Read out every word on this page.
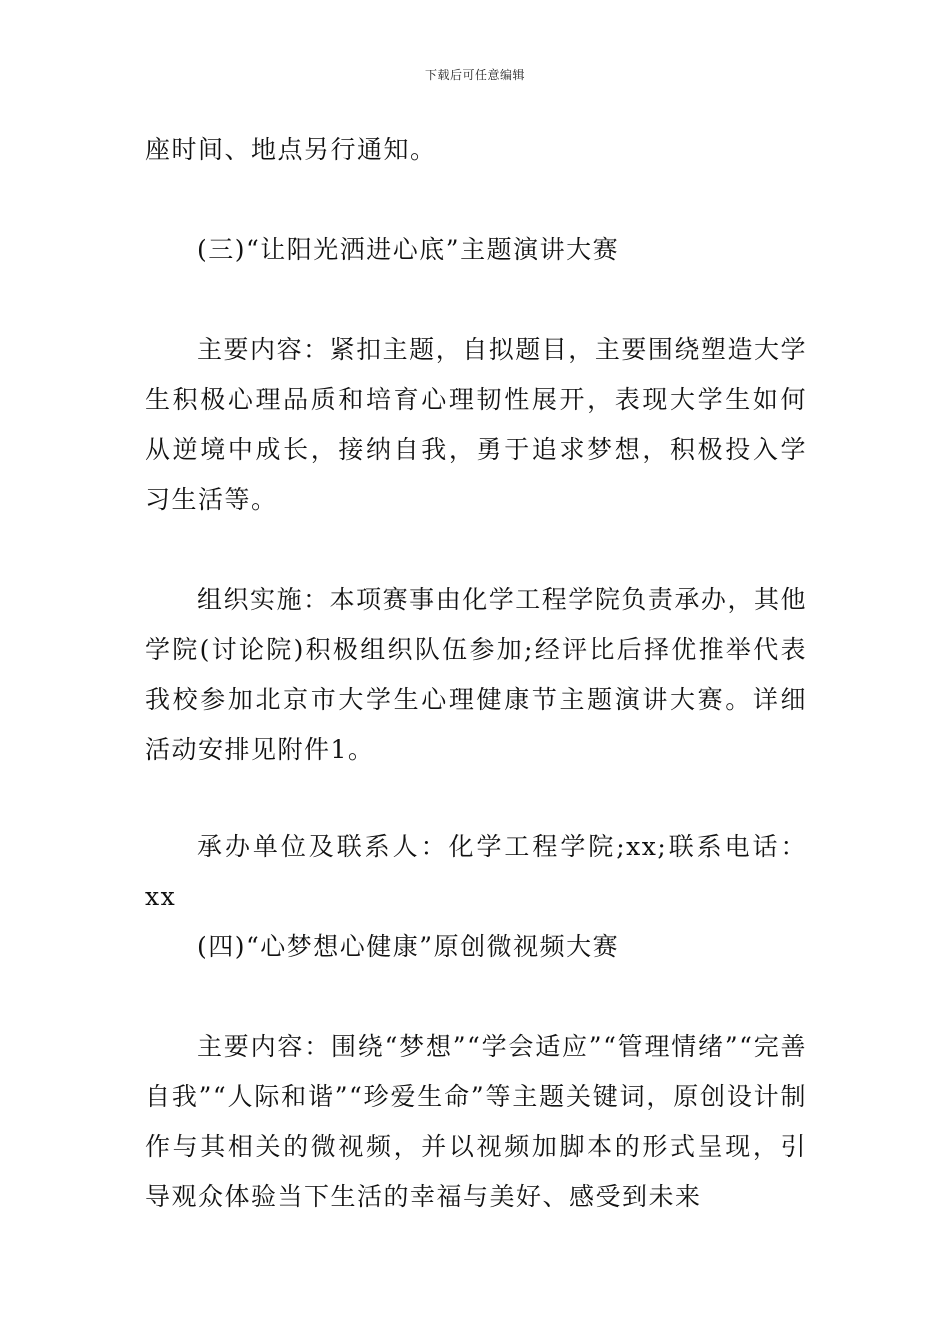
下载后可任意编辑

座时间、地点另行通知。

(三)“让阳光洒进心底”主题演讲大赛

主要内容：紧扣主题，自拟题目，主要围绕塑造大学生积极心理品质和培育心理韧性展开，表现大学生如何从逆境中成长，接纳自我，勇于追求梦想，积极投入学习生活等。

组织实施：本项赛事由化学工程学院负责承办，其他学院(讨论院)积极组织队伍参加;经评比后择优推举代表我校参加北京市大学生心理健康节主题演讲大赛。详细活动安排见附件1。

承办单位及联系人：化学工程学院;xx;联系电话：xx

(四)“心梦想心健康”原创微视频大赛

主要内容：围绕“梦想”“学会适应”“管理情绪”“完善自我”“人际和谐”“珍爱生命”等主题关键词，原创设计制作与其相关的微视频，并以视频加脚本的形式呈现，引导观众体验当下生活的幸福与美好、感受到未来
